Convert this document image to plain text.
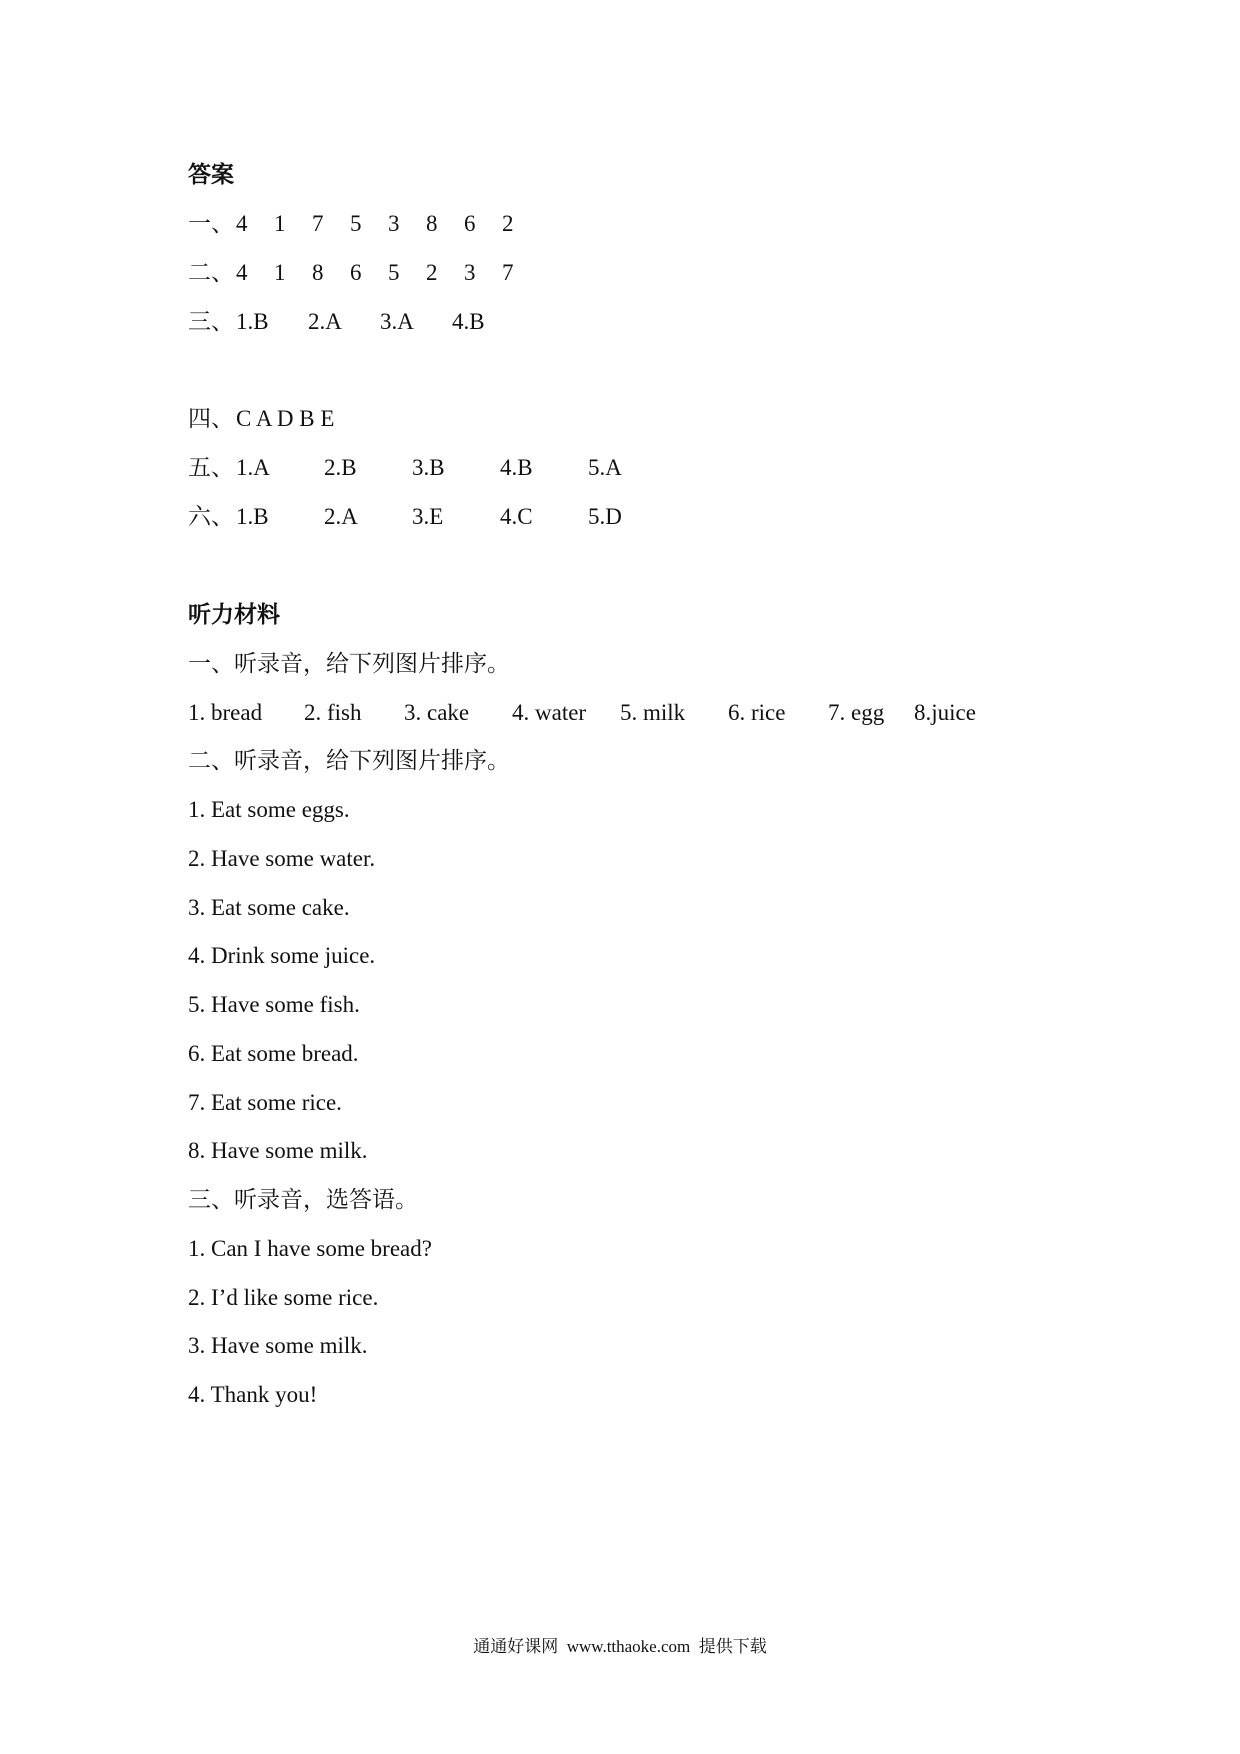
答案
一、4 1 7 5 3 8 6 2
二、4 1 8 6 5 2 3 7
三、1.B 2.A 3.A 4.B
四、C A D B E
五、1.A 2.B 3.B 4.B 5.A
六、1.B 2.A 3.E 4.C 5.D
听力材料
一、听录音，给下列图片排序。
1. bread 2. fish 3. cake 4. water 5. milk 6. rice 7. egg 8.juice
二、听录音，给下列图片排序。
1. Eat some eggs.
2. Have some water.
3. Eat some cake.
4. Drink some juice.
5. Have some fish.
6. Eat some bread.
7. Eat some rice.
8. Have some milk.
三、听录音，选答语。
1. Can I have some bread?
2. I’d like some rice.
3. Have some milk.
4. Thank you!
通通好课网  www.tthaoke.com  提供下载
